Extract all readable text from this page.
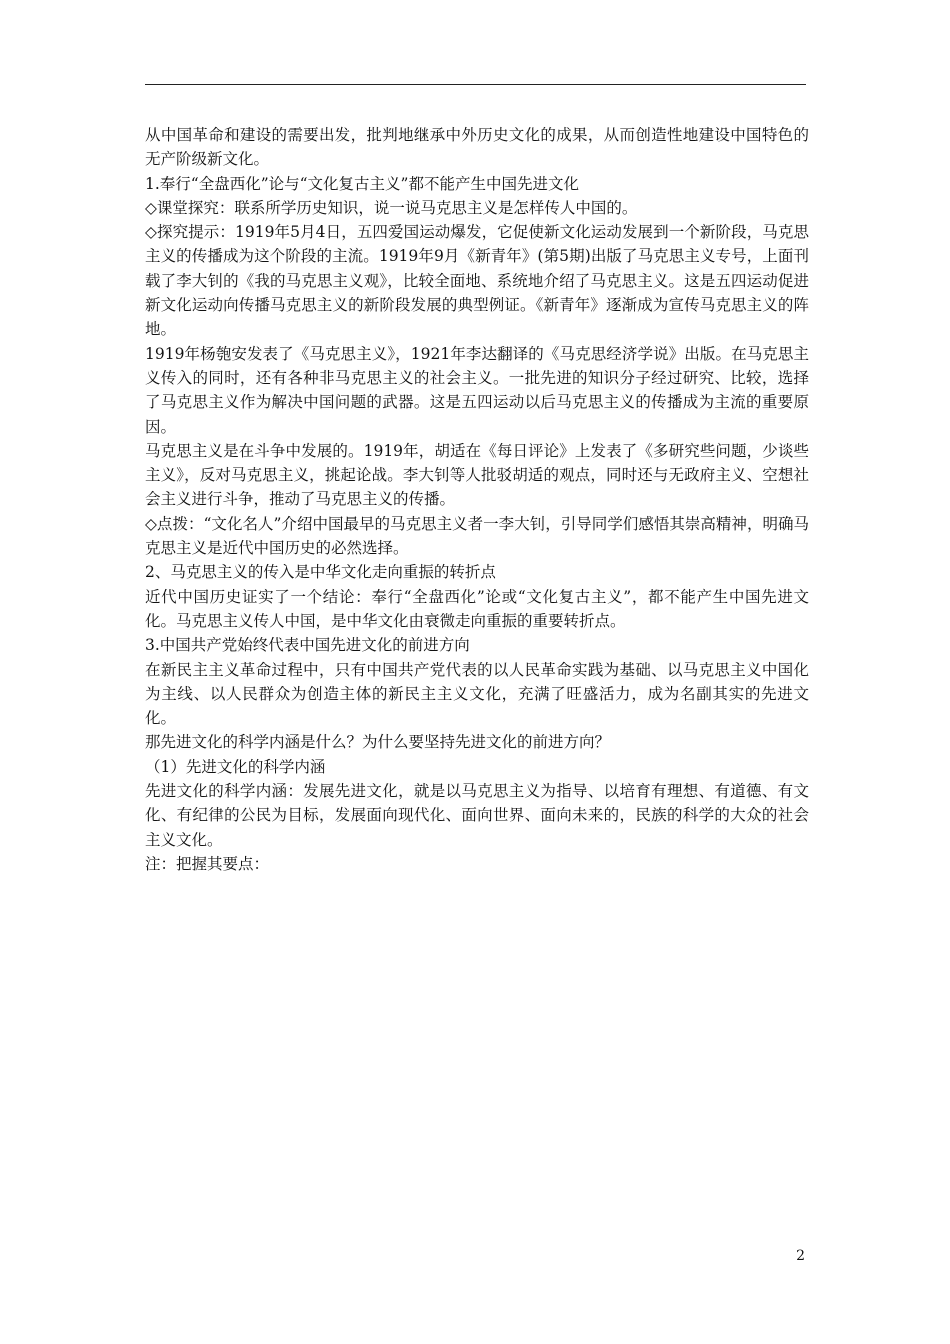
从中国革命和建设的需要出发，批判地继承中外历史文化的成果，从而创造性地建设中国特色的无产阶级新文化。

1.奉行“全盘西化”论与“文化复古主义”都不能产生中国先进文化

◇课堂探究：联系所学历史知识，说一说马克思主义是怎样传人中国的。

◇探究提示：1919年5月4日，五四爱国运动爆发，它促使新文化运动发展到一个新阶段，马克思主义的传播成为这个阶段的主流。1919年9月《新青年》(第5期)出版了马克思主义专号，上面刊载了李大钊的《我的马克思主义观》，比较全面地、系统地介绍了马克思主义。这是五四运动促进新文化运动向传播马克思主义的新阶段发展的典型例证。《新青年》逐渐成为宣传马克思主义的阵地。

1919年杨匏安发表了《马克思主义》，1921年李达翻译的《马克思经济学说》出版。在马克思主义传入的同时，还有各种非马克思主义的社会主义。一批先进的知识分子经过研究、比较，选择了马克思主义作为解决中国问题的武器。这是五四运动以后马克思主义的传播成为主流的重要原因。

马克思主义是在斗争中发展的。1919年，胡适在《每日评论》上发表了《多研究些问题，少谈些主义》，反对马克思主义，挑起论战。李大钊等人批驳胡适的观点，同时还与无政府主义、空想社会主义进行斗争，推动了马克思主义的传播。

◇点拨：“文化名人”介绍中国最早的马克思主义者一李大钊，引导同学们感悟其崇高精神，明确马克思主义是近代中国历史的必然选择。

2、马克思主义的传入是中华文化走向重振的转折点

近代中国历史证实了一个结论：奉行“全盘西化”论或“文化复古主义”，都不能产生中国先进文化。马克思主义传人中国，是中华文化由衰微走向重振的重要转折点。

3.中国共产党始终代表中国先进文化的前进方向

在新民主主义革命过程中，只有中国共产党代表的以人民革命实践为基础、以马克思主义中国化为主线、以人民群众为创造主体的新民主主义文化，充满了旺盛活力，成为名副其实的先进文化。

那先进文化的科学内涵是什么？为什么要坚持先进文化的前进方向？

（1）先进文化的科学内涵

先进文化的科学内涵：发展先进文化，就是以马克思主义为指导、以培育有理想、有道德、有文化、有纪律的公民为目标，发展面向现代化、面向世界、面向未来的，民族的科学的大众的社会主义文化。

注：把握其要点：

2
